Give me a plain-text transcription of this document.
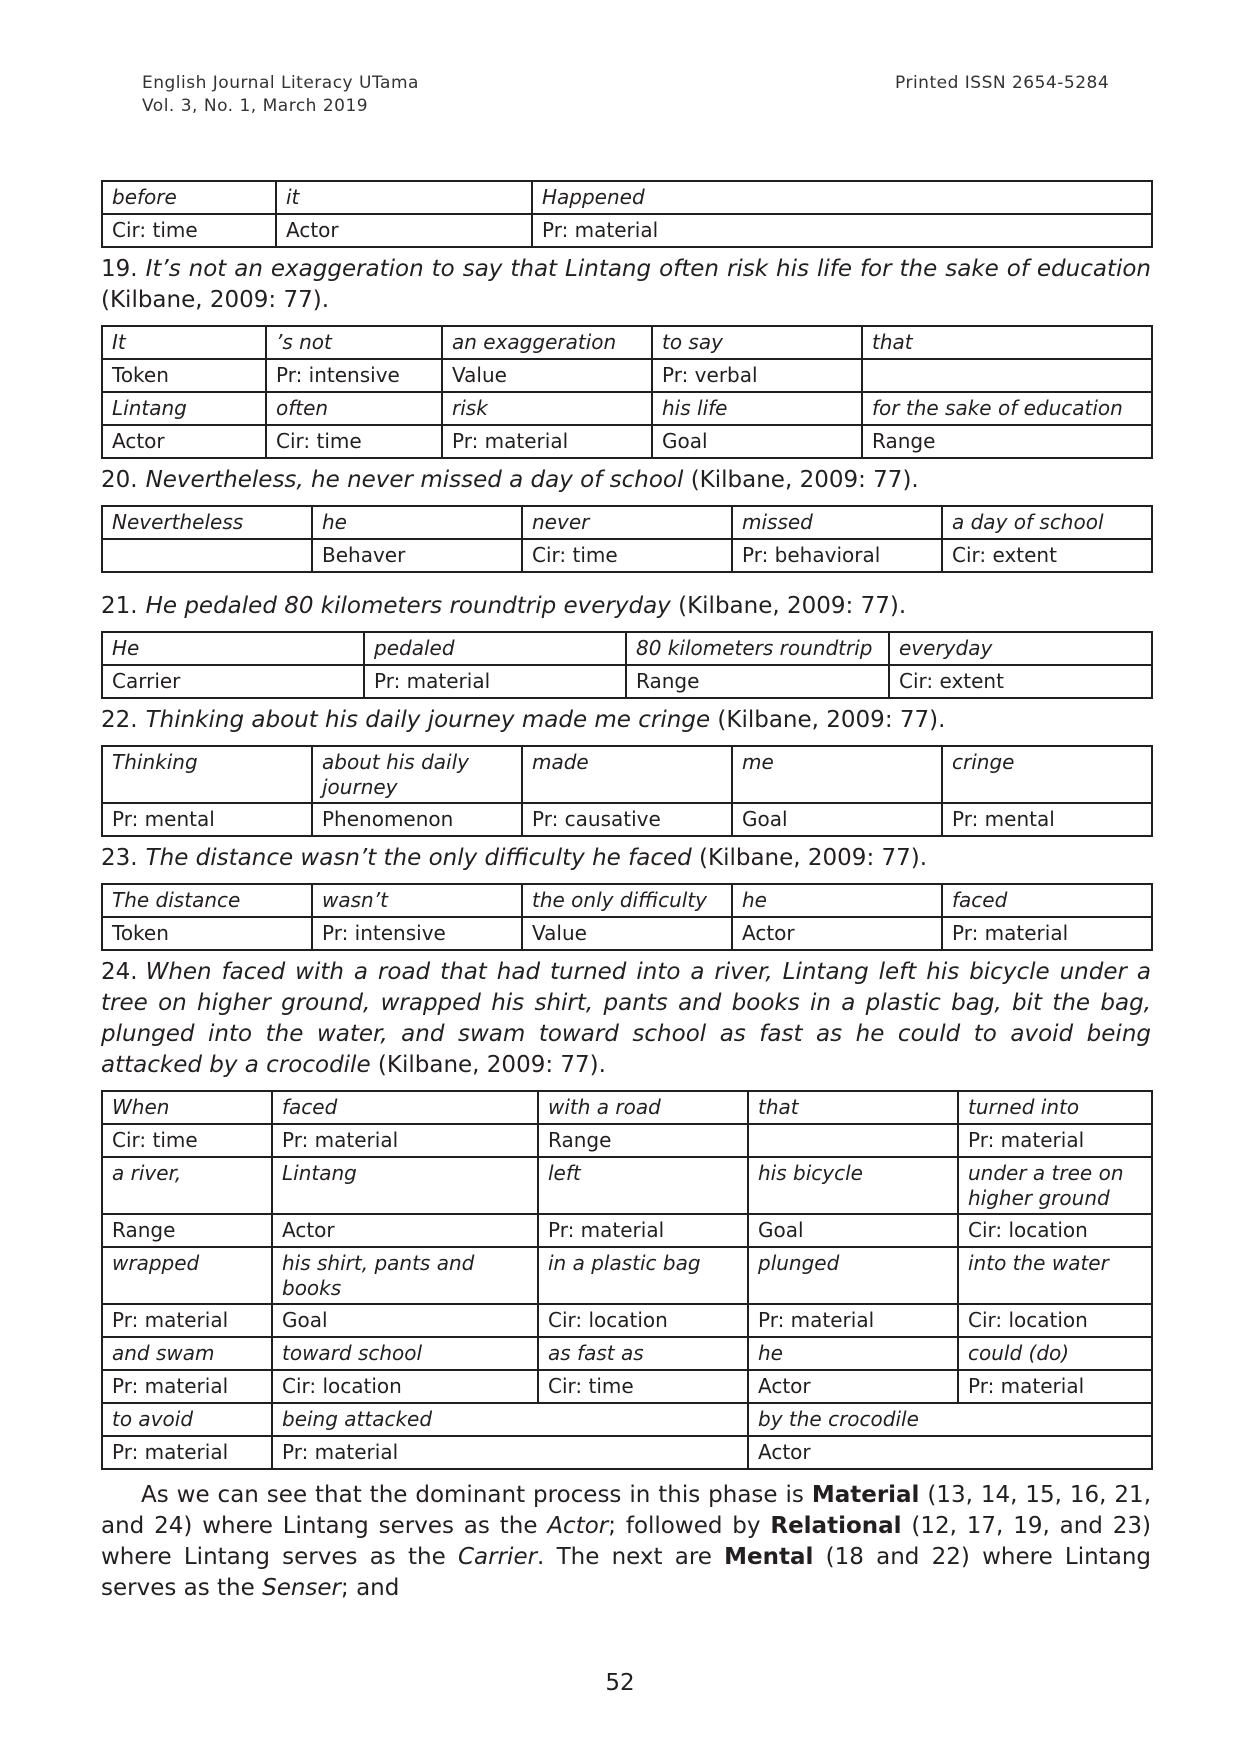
English Journal Literacy UTama
Vol. 3, No. 1, March 2019
Printed ISSN 2654-5284
before	it	Happened
Cir: time	Actor	Pr: material
19. It’s not an exaggeration to say that Lintang often risk his life for the sake of education (Kilbane, 2009: 77).
It	’s not	an exaggeration	to say	that
Token	Pr: intensive	Value	Pr: verbal	
Lintang	often	risk	his life	for the sake of education
Actor	Cir: time	Pr: material	Goal	Range
20. Nevertheless, he never missed a day of school (Kilbane, 2009: 77).
Nevertheless	he	never	missed	a day of school
	Behaver	Cir: time	Pr: behavioral	Cir: extent
21. He pedaled 80 kilometers roundtrip everyday (Kilbane, 2009: 77).
He	pedaled	80 kilometers roundtrip	everyday
Carrier	Pr: material	Range	Cir: extent
22. Thinking about his daily journey made me cringe (Kilbane, 2009: 77).
Thinking	about his daily journey	made	me	cringe
Pr: mental	Phenomenon	Pr: causative	Goal	Pr: mental
23. The distance wasn’t the only difficulty he faced (Kilbane, 2009: 77).
The distance	wasn’t	the only difficulty	he	faced
Token	Pr: intensive	Value	Actor	Pr: material
24. When faced with a road that had turned into a river, Lintang left his bicycle under a tree on higher ground, wrapped his shirt, pants and books in a plastic bag, bit the bag, plunged into the water, and swam toward school as fast as he could to avoid being attacked by a crocodile (Kilbane, 2009: 77).
When	faced	with a road	that	turned into
Cir: time	Pr: material	Range		Pr: material
a river,	Lintang	left	his bicycle	under a tree on higher ground
Range	Actor	Pr: material	Goal	Cir: location
wrapped	his shirt, pants and books	in a plastic bag	plunged	into the water
Pr: material	Goal	Cir: location	Pr: material	Cir: location
and swam	toward school	as fast as	he	could (do)
Pr: material	Cir: location	Cir: time	Actor	Pr: material
to avoid	being attacked		by the crocodile	
Pr: material	Pr: material		Actor	
As we can see that the dominant process in this phase is Material (13, 14, 15, 16, 21, and 24) where Lintang serves as the Actor; followed by Relational (12, 17, 19, and 23) where Lintang serves as the Carrier. The next are Mental (18 and 22) where Lintang serves as the Senser; and
52
